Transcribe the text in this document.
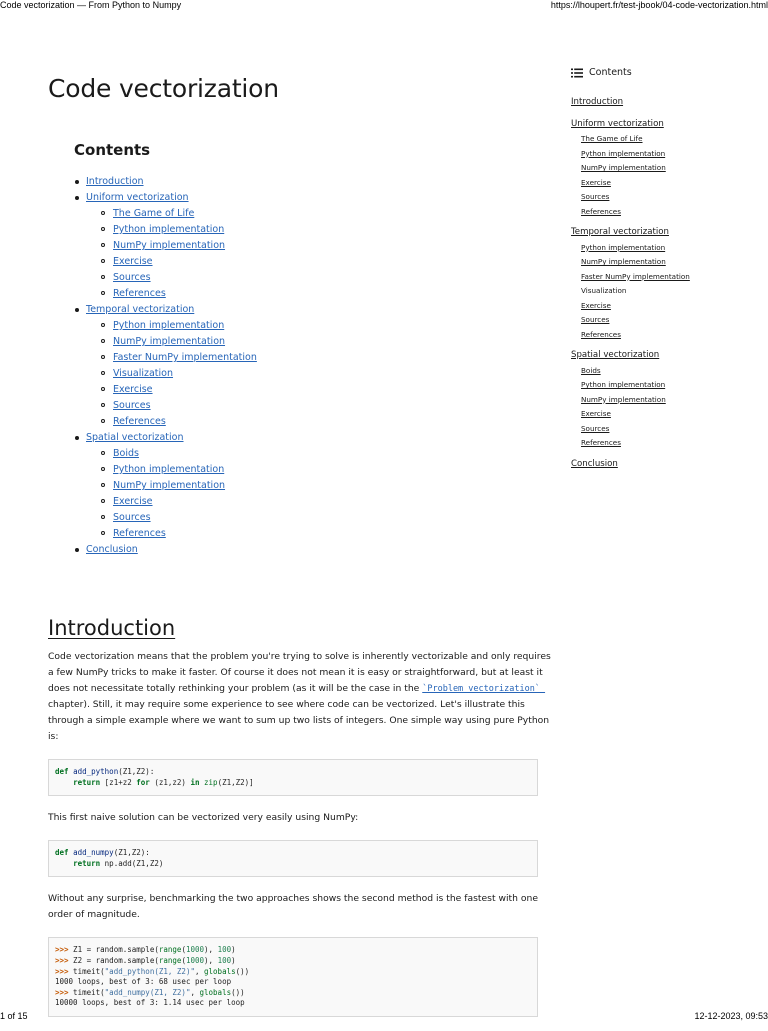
Code vectorization — From Python to Numpy	https://lhoupert.fr/test-jbook/04-code-vectorization.html
Code vectorization
Contents
Introduction
Uniform vectorization
The Game of Life
Python implementation
NumPy implementation
Exercise
Sources
References
Temporal vectorization
Python implementation
NumPy implementation
Faster NumPy implementation
Visualization
Exercise
Sources
References
Spatial vectorization
Boids
Python implementation
NumPy implementation
Exercise
Sources
References
Conclusion
Introduction

Code vectorization means that the problem you're trying to solve is inherently vectorizable and only requires a few NumPy tricks to make it faster. Of course it does not mean it is easy or straightforward, but at least it does not necessitate totally rethinking your problem (as it will be the case in the `Problem vectorization`_ chapter). Still, it may require some experience to see where code can be vectorized. Let's illustrate this through a simple example where we want to sum up two lists of integers. One simple way using pure Python is:

def add_python(Z1,Z2):
return [z1+z2 for (z1,z2) in zip(Z1,Z2)]

This first naive solution can be vectorized very easily using NumPy:

def add_numpy(Z1,Z2):
return np.add(Z1,Z2)

Without any surprise, benchmarking the two approaches shows the second method is the fastest with one order of magnitude.

>>> Z1 = random.sample(range(1000), 100)
>>> Z2 = random.sample(range(1000), 100)
>>> timeit("add_python(Z1, Z2)", globals())
1000 loops, best of 3: 68 usec per loop
>>> timeit("add_numpy(Z1, Z2)", globals())
10000 loops, best of 3: 1.14 usec per loop
Contents
Introduction
Uniform vectorization
The Game of Life
Python implementation
NumPy implementation
Exercise
Sources
References
Temporal vectorization
Python implementation
NumPy implementation
Faster NumPy implementation
Visualization
Exercise
Sources
References
Spatial vectorization
Boids
Python implementation
NumPy implementation
Exercise
Sources
References
Conclusion
1 of 15	12-12-2023, 09:53
